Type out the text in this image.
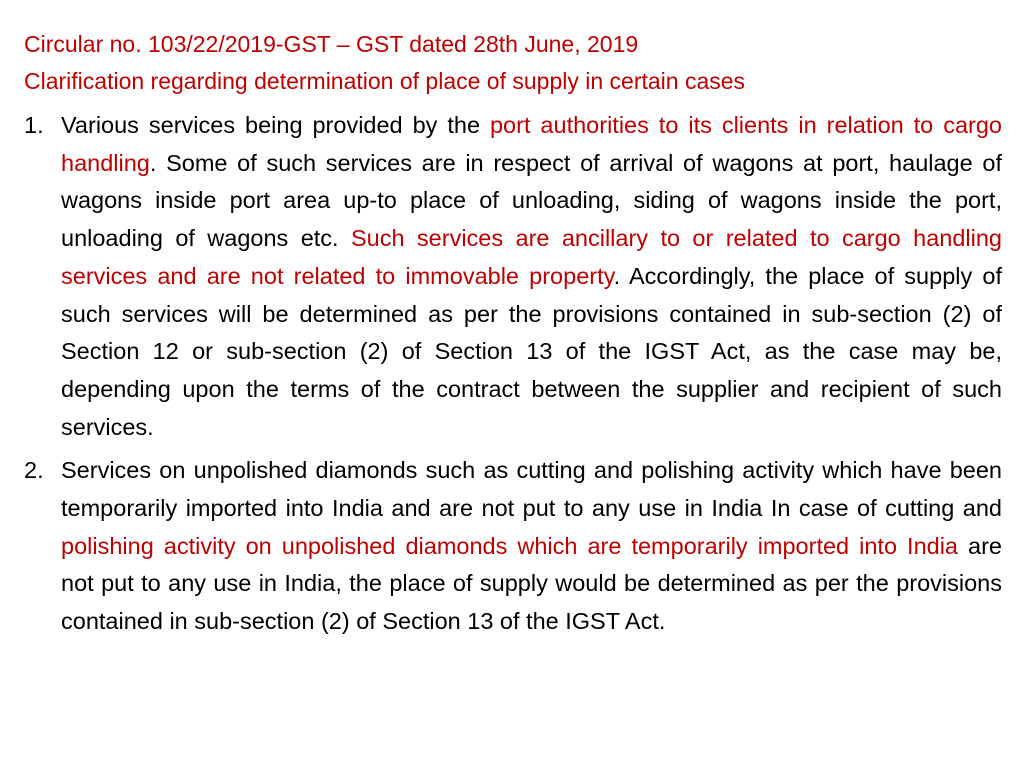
Circular no. 103/22/2019-GST – GST dated 28th June, 2019
Clarification regarding determination of place of supply in certain cases
1. Various services being provided by the port authorities to its clients in relation to cargo handling. Some of such services are in respect of arrival of wagons at port, haulage of wagons inside port area up-to place of unloading, siding of wagons inside the port, unloading of wagons etc. Such services are ancillary to or related to cargo handling services and are not related to immovable property. Accordingly, the place of supply of such services will be determined as per the provisions contained in sub-section (2) of Section 12 or sub-section (2) of Section 13 of the IGST Act, as the case may be, depending upon the terms of the contract between the supplier and recipient of such services.
2. Services on unpolished diamonds such as cutting and polishing activity which have been temporarily imported into India and are not put to any use in India In case of cutting and polishing activity on unpolished diamonds which are temporarily imported into India are not put to any use in India, the place of supply would be determined as per the provisions contained in sub-section (2) of Section 13 of the IGST Act.
